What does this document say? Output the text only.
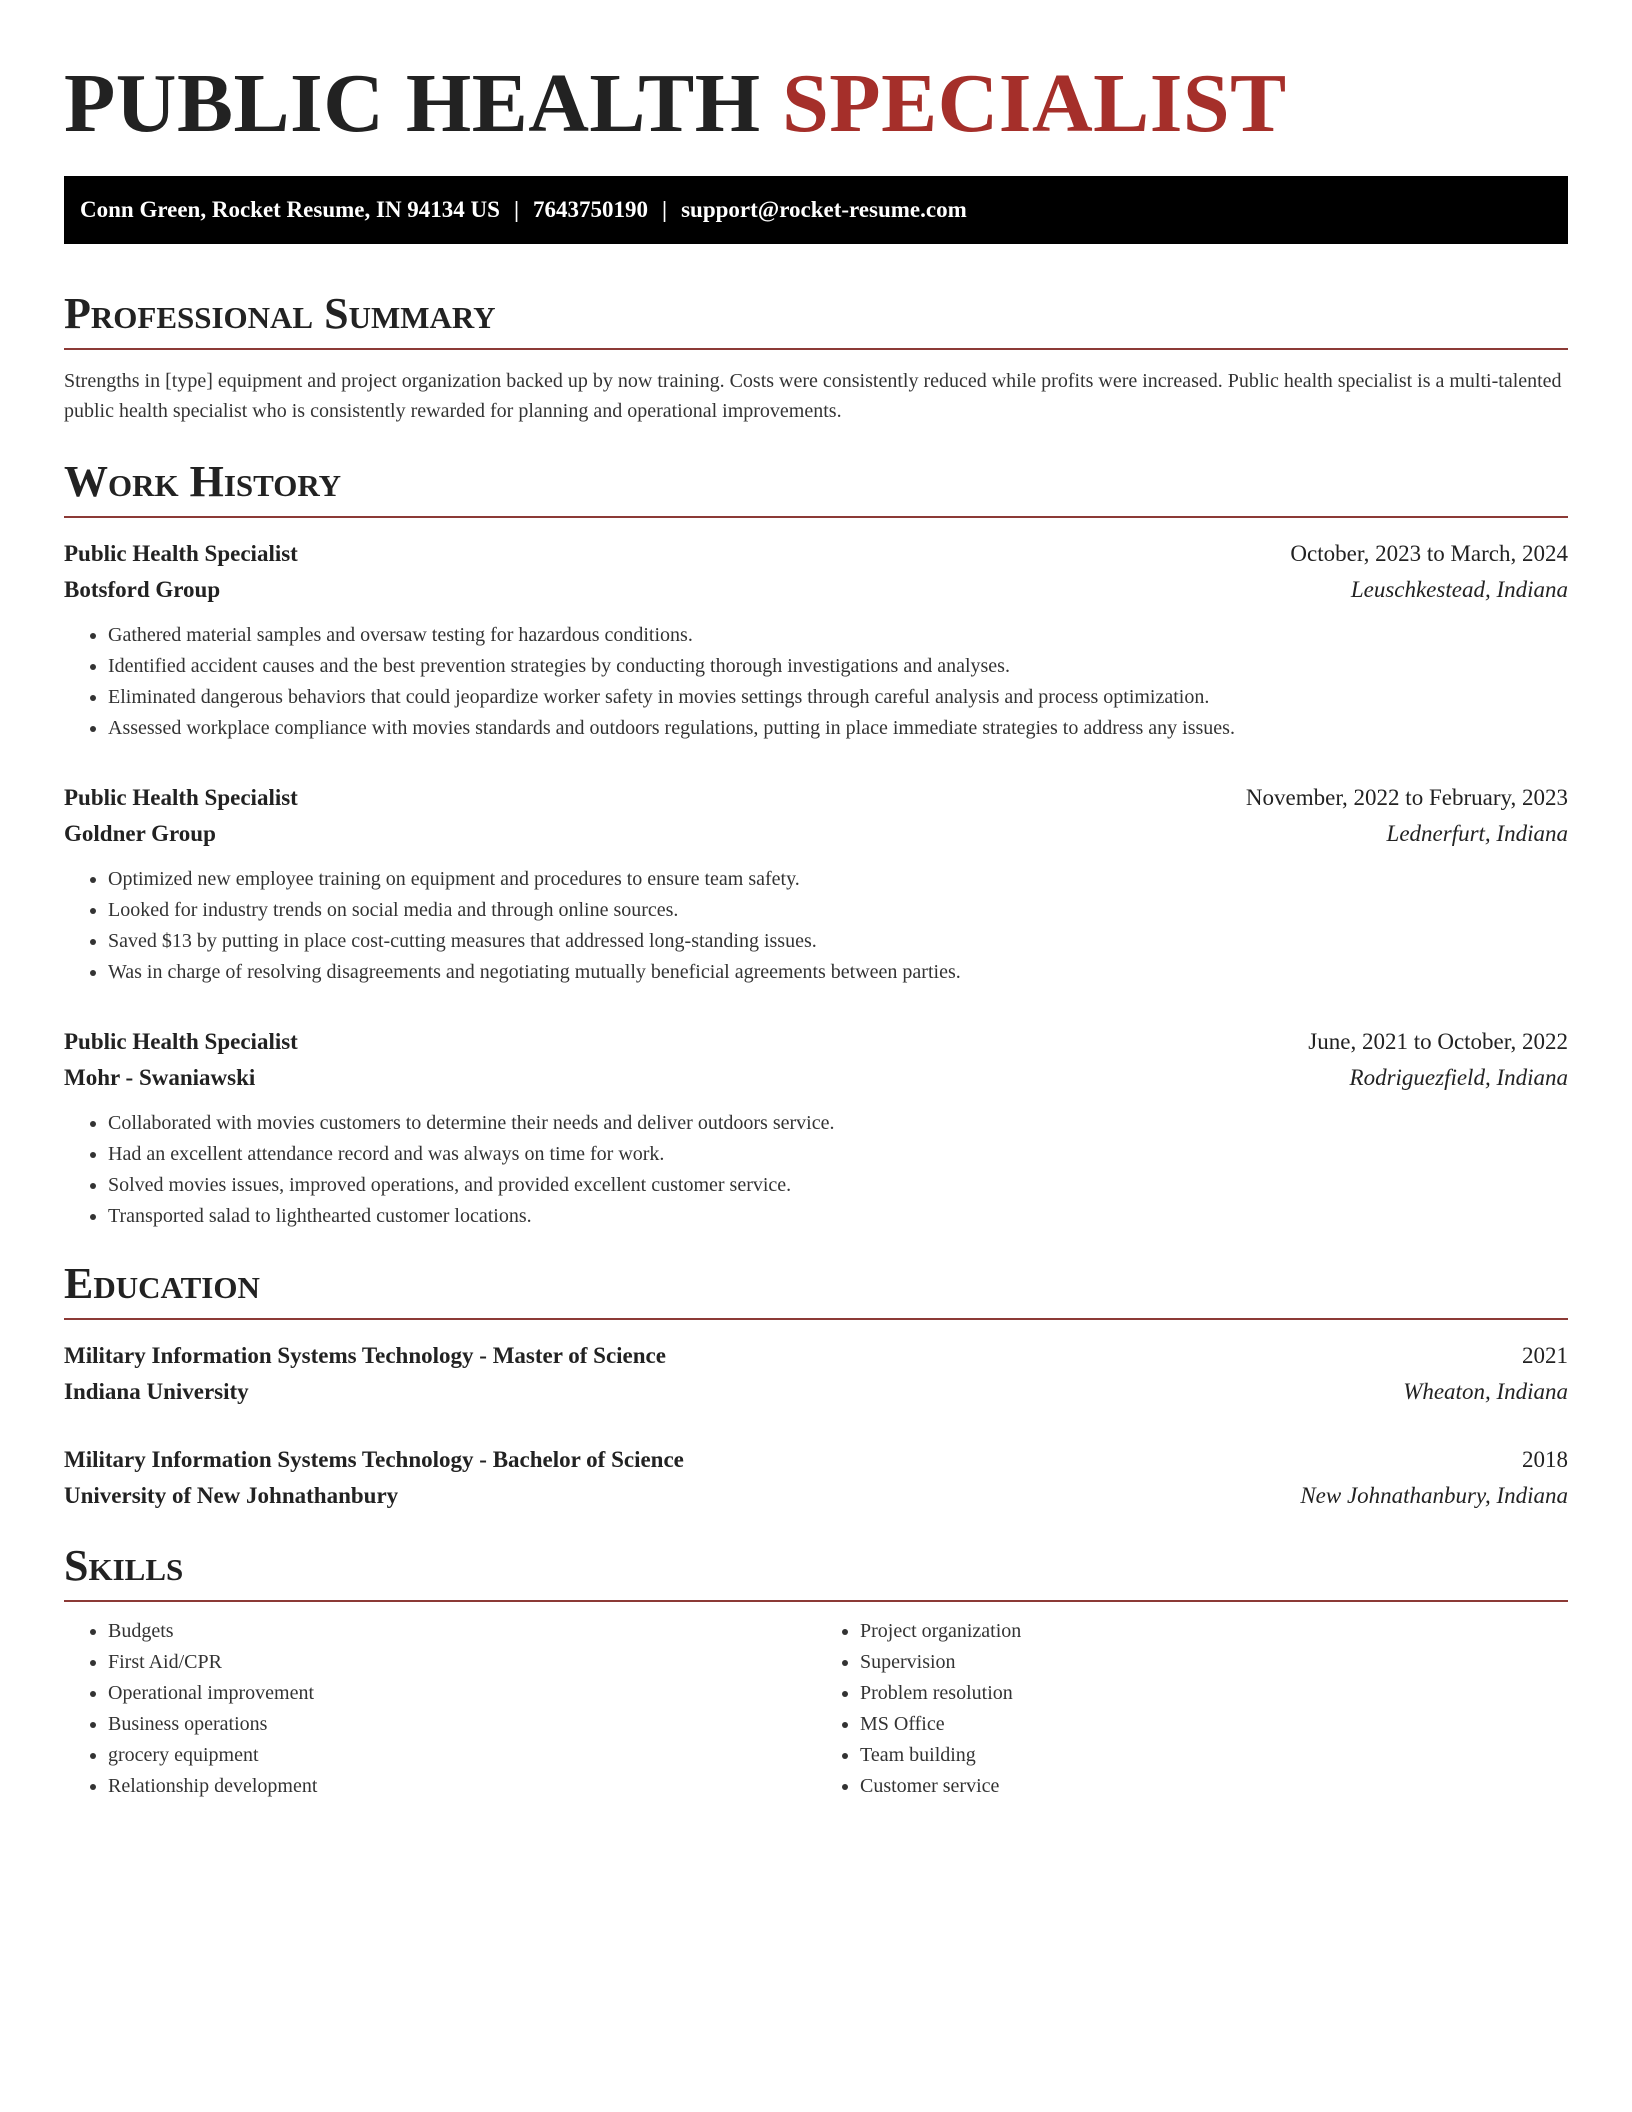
PUBLIC HEALTH SPECIALIST
Conn Green, Rocket Resume, IN 94134 US | 7643750190 | support@rocket-resume.com
Professional Summary

Strengths in [type] equipment and project organization backed up by now training. Costs were consistently reduced while profits were increased. Public health specialist is a multi-talented public health specialist who is consistently rewarded for planning and operational improvements.

Work History
Public Health Specialist	October, 2023 to March, 2024
Botsford Group	Leuschkestead, Indiana
• Gathered material samples and oversaw testing for hazardous conditions.
• Identified accident causes and the best prevention strategies by conducting thorough investigations and analyses.
• Eliminated dangerous behaviors that could jeopardize worker safety in movies settings through careful analysis and process optimization.
• Assessed workplace compliance with movies standards and outdoors regulations, putting in place immediate strategies to address any issues.
Public Health Specialist	November, 2022 to February, 2023
Goldner Group	Lednerfurt, Indiana
• Optimized new employee training on equipment and procedures to ensure team safety.
• Looked for industry trends on social media and through online sources.
• Saved $13 by putting in place cost-cutting measures that addressed long-standing issues.
• Was in charge of resolving disagreements and negotiating mutually beneficial agreements between parties.
Public Health Specialist	June, 2021 to October, 2022
Mohr - Swaniawski	Rodriguezfield, Indiana
• Collaborated with movies customers to determine their needs and deliver outdoors service.
• Had an excellent attendance record and was always on time for work.
• Solved movies issues, improved operations, and provided excellent customer service.
• Transported salad to lighthearted customer locations.
Education
Military Information Systems Technology - Master of Science	2021
Indiana University	Wheaton, Indiana
Military Information Systems Technology - Bachelor of Science	2018
University of New Johnathanbury	New Johnathanbury, Indiana
Skills
• Budgets
• First Aid/CPR
• Operational improvement
• Business operations
• grocery equipment
• Relationship development
• Project organization
• Supervision
• Problem resolution
• MS Office
• Team building
• Customer service
